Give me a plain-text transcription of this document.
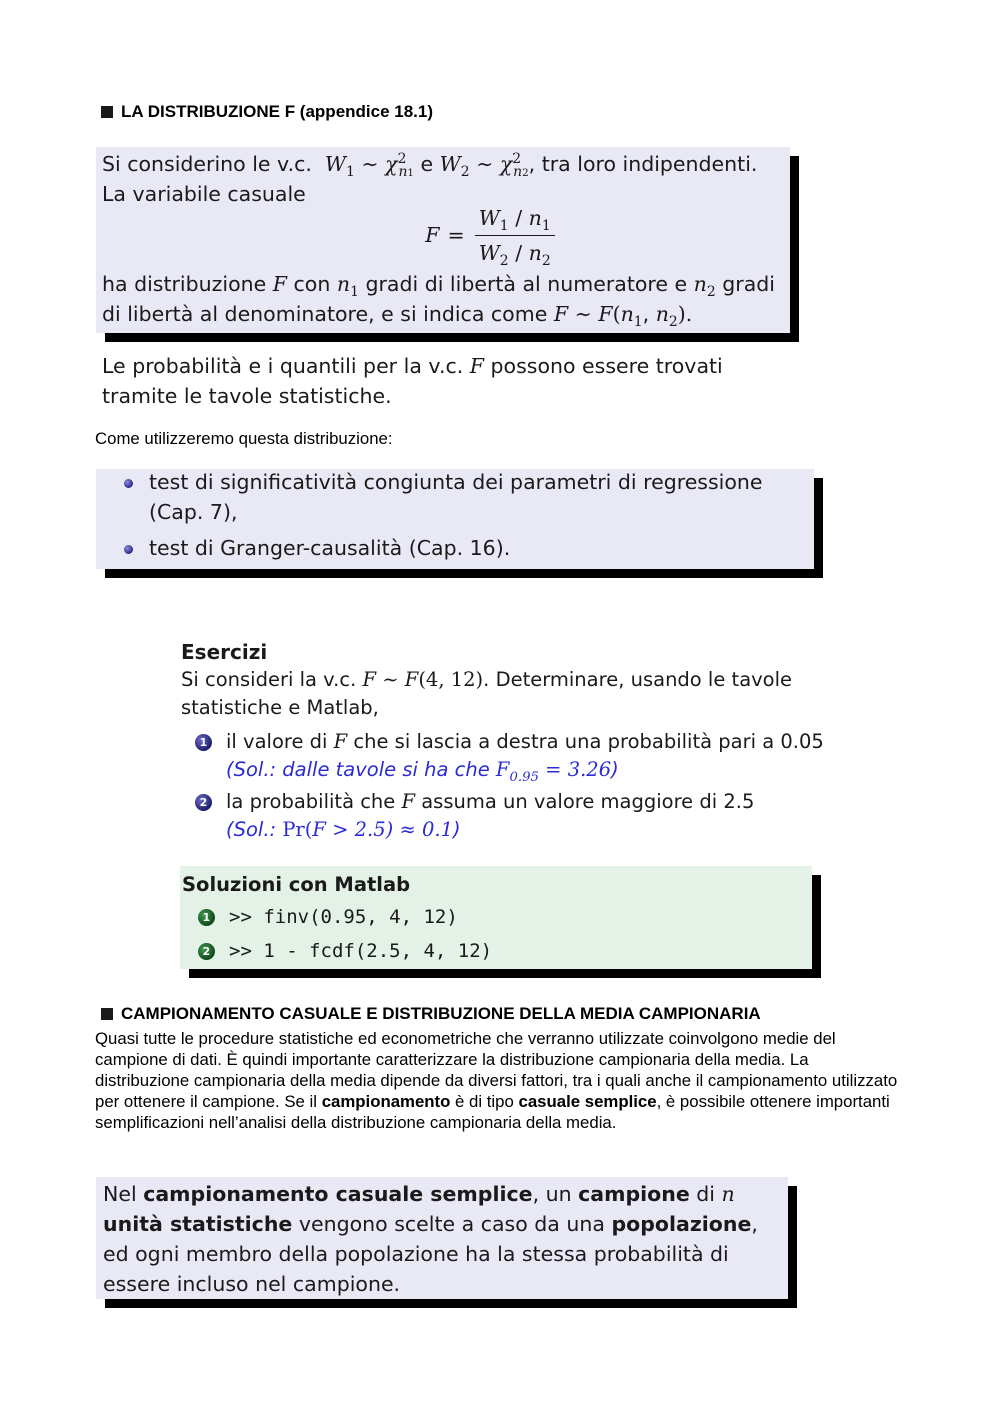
LA DISTRIBUZIONE F (appendice 18.1)
Si considerino le v.c. $W_1$ ∼ $\chi^2_{n1}$ e $W_2$ ∼ $\chi^2_{n2}$, tra loro indipendenti.
La variabile casuale
$F = \frac{W_1 / n_1}{W_2 / n_2}$
ha distribuzione F con $n_1$ gradi di libertà al numeratore e $n_2$ gradi
di libertà al denominatore, e si indica come F ∼ $F(n_1$, $n_2$).
Le probabilità e i quantili per la v.c. F possono essere trovati
tramite le tavole statistiche.
Come utilizzeremo questa distribuzione:
test di significatività congiunta dei parametri di regressione
(Cap. 7),
test di Granger-causalità (Cap. 16).
Esercizi
Si consideri la v.c. F ∼ F(4, 12). Determinare, usando le tavole
statistiche e Matlab,
1 il valore di F che si lascia a destra una probabilità pari a 0.05
(Sol.: dalle tavole si ha che $F_{0.95} = 3.26$)
2 la probabilità che F assuma un valore maggiore di 2.5
(Sol.: Pr(F > 2.5) ≈ 0.1)
Soluzioni con Matlab
1 >> finv(0.95, 4, 12)
2 >> 1 - fcdf(2.5, 4, 12)
CAMPIONAMENTO CASUALE E DISTRIBUZIONE DELLA MEDIA CAMPIONARIA
Quasi tutte le procedure statistiche ed econometriche che verranno utilizzate coinvolgono medie del campione di dati. È quindi importante caratterizzare la distribuzione campionaria della media. La distribuzione campionaria della media dipende da diversi fattori, tra i quali anche il campionamento utilizzato per ottenere il campione. Se il campionamento è di tipo casuale semplice, è possibile ottenere importanti semplificazioni nell’analisi della distribuzione campionaria della media.
Nel campionamento casuale semplice, un campione di n unità statistiche vengono scelte a caso da una popolazione, ed ogni membro della popolazione ha la stessa probabilità di essere incluso nel campione.
